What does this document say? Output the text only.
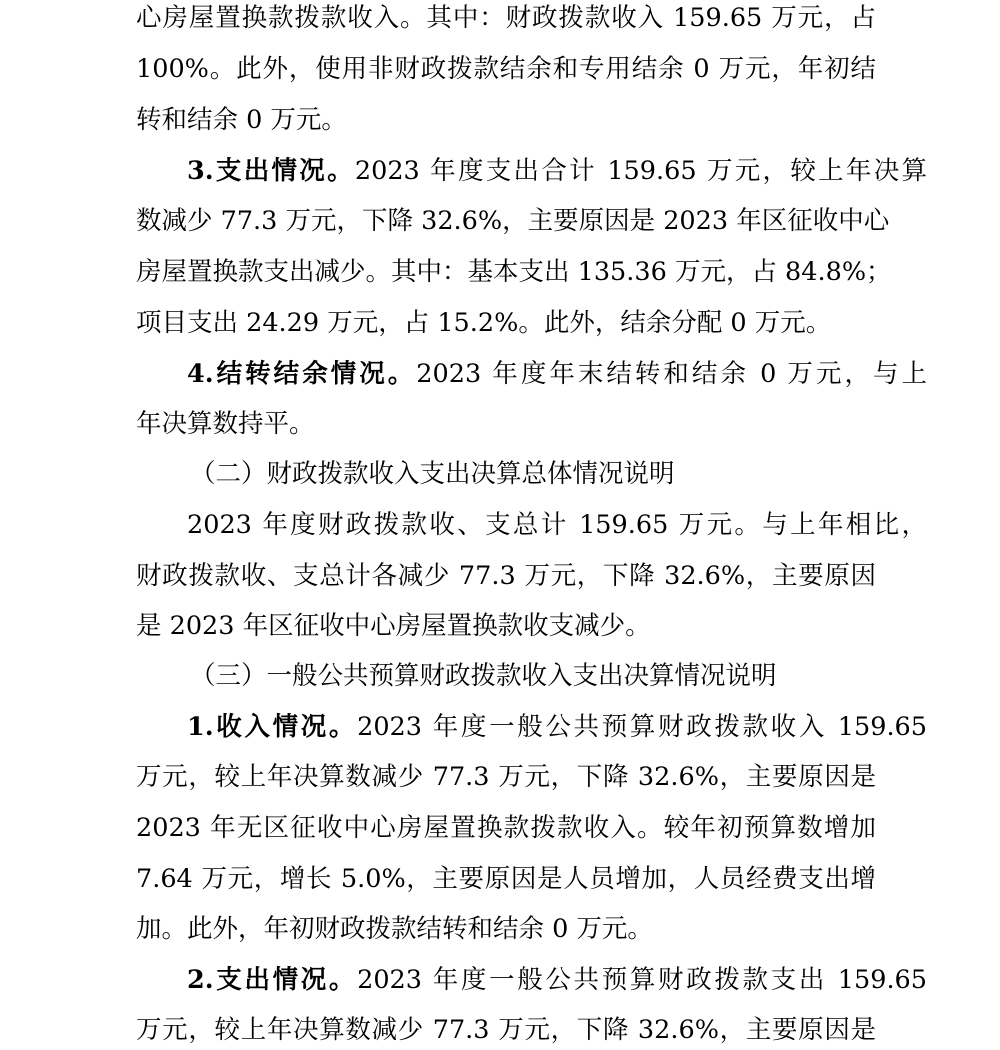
心房屋置换款拨款收入。其中：财政拨款收入 159.65 万元，占
100%。此外，使用非财政拨款结余和专用结余 0 万元，年初结
转和结余 0 万元。
3.支出情况。2023 年度支出合计 159.65 万元，较上年决算
数减少 77.3 万元，下降 32.6%，主要原因是 2023 年区征收中心
房屋置换款支出减少。其中：基本支出 135.36 万元，占 84.8%；
项目支出 24.29 万元，占 15.2%。此外，结余分配 0 万元。
4.结转结余情况。2023 年度年末结转和结余 0 万元，与上
年决算数持平。
（二）财政拨款收入支出决算总体情况说明
2023 年度财政拨款收、支总计 159.65 万元。与上年相比，
财政拨款收、支总计各减少 77.3 万元，下降 32.6%，主要原因
是 2023 年区征收中心房屋置换款收支减少。
（三）一般公共预算财政拨款收入支出决算情况说明
1.收入情况。2023 年度一般公共预算财政拨款收入 159.65
万元，较上年决算数减少 77.3 万元，下降 32.6%，主要原因是
2023 年无区征收中心房屋置换款拨款收入。较年初预算数增加
7.64 万元，增长 5.0%，主要原因是人员增加，人员经费支出增
加。此外，年初财政拨款结转和结余 0 万元。
2.支出情况。2023 年度一般公共预算财政拨款支出 159.65
万元，较上年决算数减少 77.3 万元，下降 32.6%，主要原因是
